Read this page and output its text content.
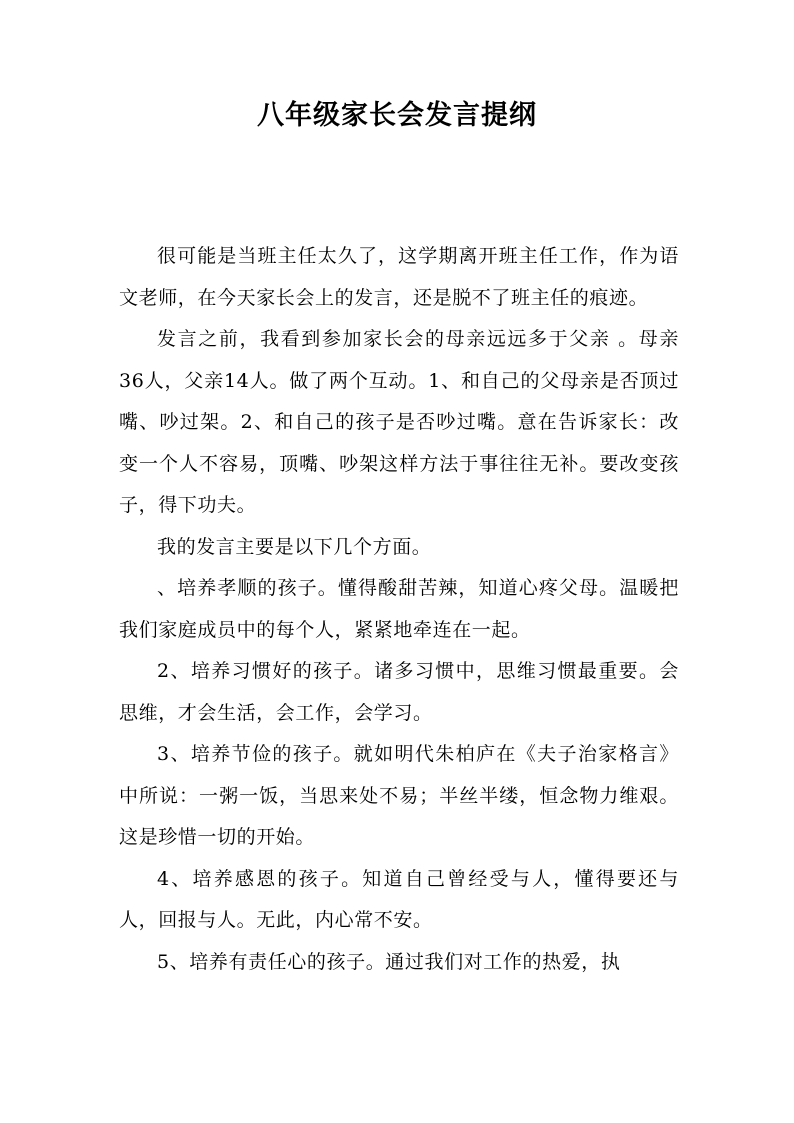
八年级家长会发言提纲

很可能是当班主任太久了，这学期离开班主任工作，作为语文老师，在今天家长会上的发言，还是脱不了班主任的痕迹。

发言之前，我看到参加家长会的母亲远远多于父亲 。母亲36人，父亲14人。做了两个互动。1、和自己的父母亲是否顶过嘴、吵过架。2、和自己的孩子是否吵过嘴。意在告诉家长：改变一个人不容易，顶嘴、吵架这样方法于事往往无补。要改变孩子，得下功夫。

我的发言主要是以下几个方面。

、培养孝顺的孩子。懂得酸甜苦辣，知道心疼父母。温暖把我们家庭成员中的每个人，紧紧地牵连在一起。

2、培养习惯好的孩子。诸多习惯中，思维习惯最重要。会思维，才会生活，会工作，会学习。

3、培养节俭的孩子。就如明代朱柏庐在《夫子治家格言》中所说：一粥一饭，当思来处不易；半丝半缕，恒念物力维艰。这是珍惜一切的开始。

4、培养感恩的孩子。知道自己曾经受与人，懂得要还与人，回报与人。无此，内心常不安。

5、培养有责任心的孩子。通过我们对工作的热爱，执
